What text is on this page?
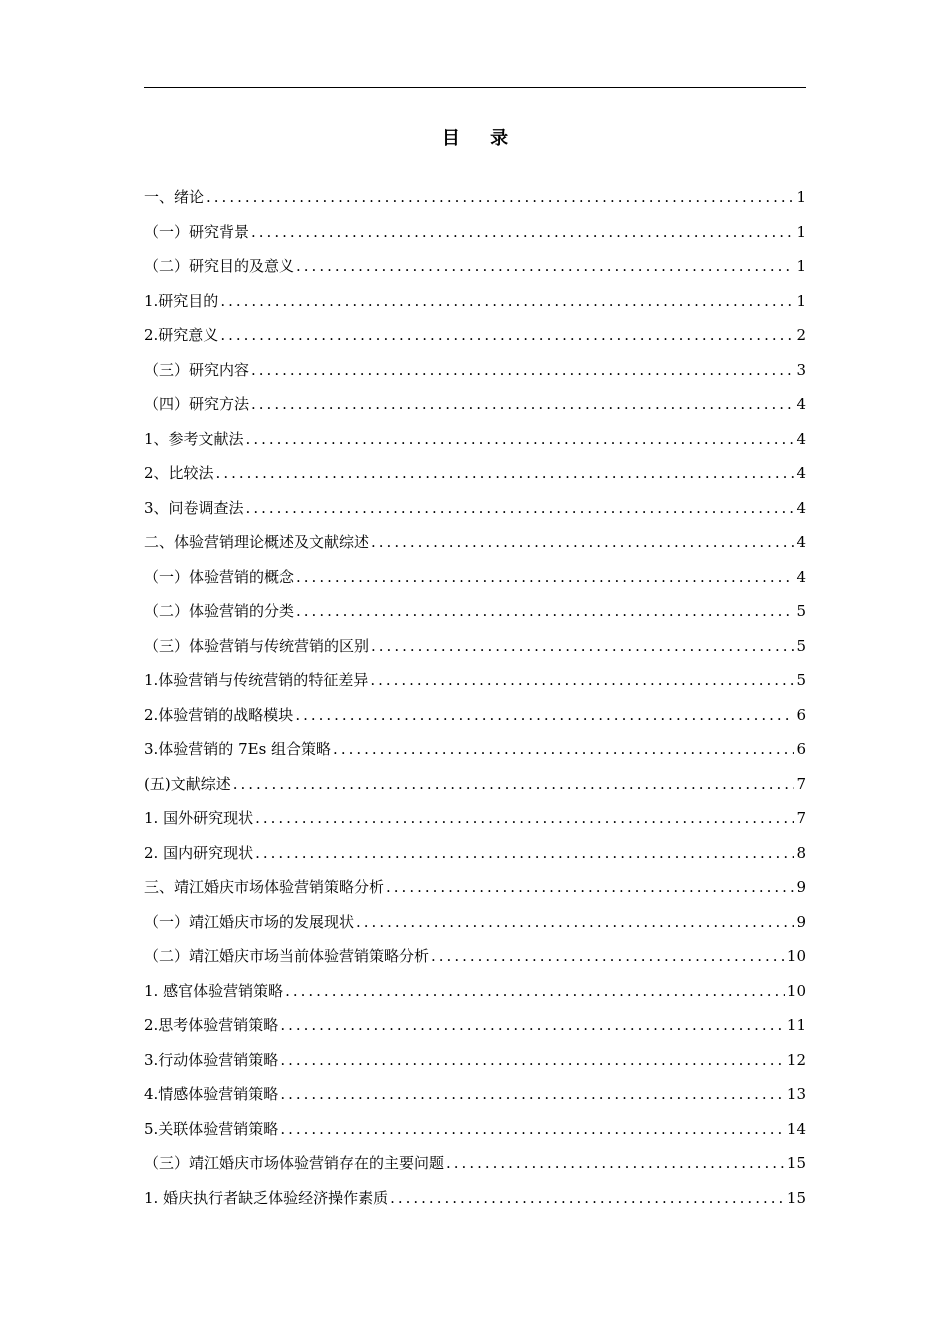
目 录
一、绪论 .....	1
（一）研究背景 .....	1
（二）研究目的及意义 .....	1
1.研究目的 .....	1
2.研究意义 .....	2
（三）研究内容 .....	3
（四）研究方法 .....	4
1、参考文献法 .....	4
2、比较法 .....	4
3、问卷调查法 .....	4
二、体验营销理论概述及文献综述 .....	4
（一）体验营销的概念 .....	4
（二）体验营销的分类 .....	5
（三）体验营销与传统营销的区别 .....	5
1.体验营销与传统营销的特征差异 .....	5
2.体验营销的战略模块 .....	6
3.体验营销的 7Es 组合策略 .....	6
(五)文献综述 .....	7
1. 国外研究现状 .....	7
2. 国内研究现状 .....	8
三、靖江婚庆市场体验营销策略分析 .....	9
（一）靖江婚庆市场的发展现状 .....	9
（二）靖江婚庆市场当前体验营销策略分析 .....	10
1. 感官体验营销策略 .....	10
2.思考体验营销策略 .....	11
3.行动体验营销策略 .....	12
4.情感体验营销策略 .....	13
5.关联体验营销策略 .....	14
（三）靖江婚庆市场体验营销存在的主要问题 .....	15
1. 婚庆执行者缺乏体验经济操作素质 .....	15
